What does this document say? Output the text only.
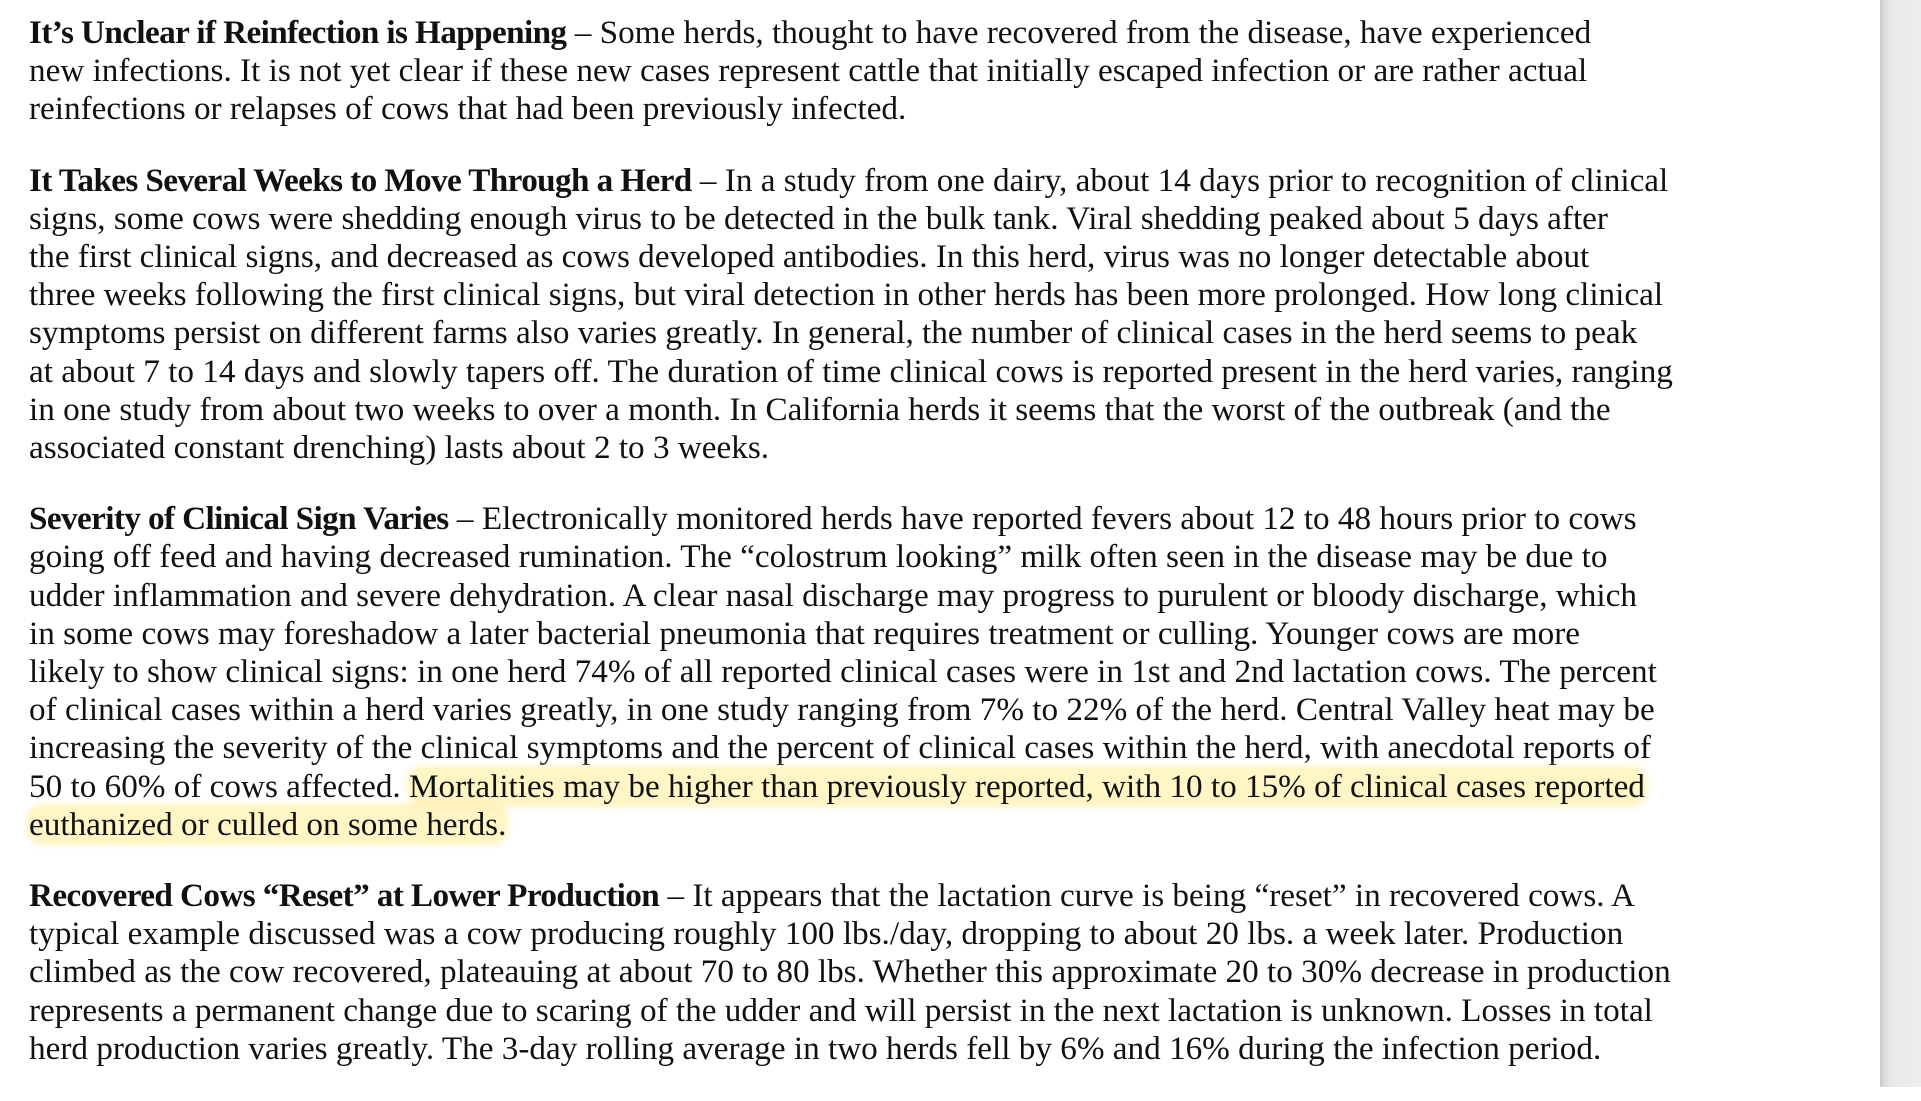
It’s Unclear if Reinfection is Happening – Some herds, thought to have recovered from the disease, have experienced
new infections. It is not yet clear if these new cases represent cattle that initially escaped infection or are rather actual
reinfections or relapses of cows that had been previously infected.
It Takes Several Weeks to Move Through a Herd – In a study from one dairy, about 14 days prior to recognition of clinical
signs, some cows were shedding enough virus to be detected in the bulk tank. Viral shedding peaked about 5 days after
the first clinical signs, and decreased as cows developed antibodies. In this herd, virus was no longer detectable about
three weeks following the first clinical signs, but viral detection in other herds has been more prolonged. How long clinical
symptoms persist on different farms also varies greatly. In general, the number of clinical cases in the herd seems to peak
at about 7 to 14 days and slowly tapers off. The duration of time clinical cows is reported present in the herd varies, ranging
in one study from about two weeks to over a month. In California herds it seems that the worst of the outbreak (and the
associated constant drenching) lasts about 2 to 3 weeks.
Severity of Clinical Sign Varies – Electronically monitored herds have reported fevers about 12 to 48 hours prior to cows
going off feed and having decreased rumination. The “colostrum looking” milk often seen in the disease may be due to
udder inflammation and severe dehydration. A clear nasal discharge may progress to purulent or bloody discharge, which
in some cows may foreshadow a later bacterial pneumonia that requires treatment or culling. Younger cows are more
likely to show clinical signs: in one herd 74% of all reported clinical cases were in 1st and 2nd lactation cows. The percent
of clinical cases within a herd varies greatly, in one study ranging from 7% to 22% of the herd. Central Valley heat may be
increasing the severity of the clinical symptoms and the percent of clinical cases within the herd, with anecdotal reports of
50 to 60% of cows affected. Mortalities may be higher than previously reported, with 10 to 15% of clinical cases reported
euthanized or culled on some herds.
Recovered Cows “Reset” at Lower Production – It appears that the lactation curve is being “reset” in recovered cows. A
typical example discussed was a cow producing roughly 100 lbs./day, dropping to about 20 lbs. a week later. Production
climbed as the cow recovered, plateauing at about 70 to 80 lbs. Whether this approximate 20 to 30% decrease in production
represents a permanent change due to scaring of the udder and will persist in the next lactation is unknown. Losses in total
herd production varies greatly. The 3-day rolling average in two herds fell by 6% and 16% during the infection period.
